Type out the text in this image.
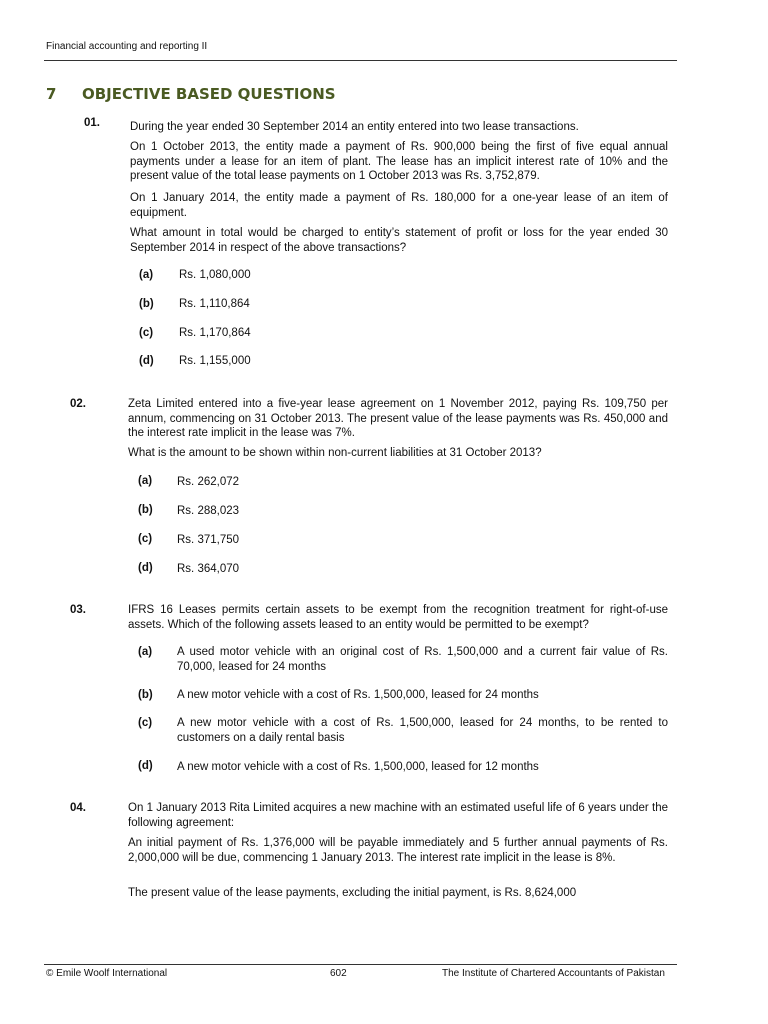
Financial accounting and reporting II
7 OBJECTIVE BASED QUESTIONS
01.	During the year ended 30 September 2014 an entity entered into two lease transactions.
On 1 October 2013, the entity made a payment of Rs. 900,000 being the first of five equal annual payments under a lease for an item of plant. The lease has an implicit interest rate of 10% and the present value of the total lease payments on 1 October 2013 was Rs. 3,752,879.
On 1 January 2014, the entity made a payment of Rs. 180,000 for a one-year lease of an item of equipment.
What amount in total would be charged to entity’s statement of profit or loss for the year ended 30 September 2014 in respect of the above transactions?
(a) Rs. 1,080,000
(b) Rs. 1,110,864
(c) Rs. 1,170,864
(d) Rs. 1,155,000
02.	Zeta Limited entered into a five-year lease agreement on 1 November 2012, paying Rs. 109,750 per annum, commencing on 31 October 2013. The present value of the lease payments was Rs. 450,000 and the interest rate implicit in the lease was 7%.
What is the amount to be shown within non-current liabilities at 31 October 2013?
(a) Rs. 262,072
(b) Rs. 288,023
(c) Rs. 371,750
(d) Rs. 364,070
03.	IFRS 16 Leases permits certain assets to be exempt from the recognition treatment for right-of-use assets. Which of the following assets leased to an entity would be permitted to be exempt?
(a) A used motor vehicle with an original cost of Rs. 1,500,000 and a current fair value of Rs. 70,000, leased for 24 months
(b) A new motor vehicle with a cost of Rs. 1,500,000, leased for 24 months
(c) A new motor vehicle with a cost of Rs. 1,500,000, leased for 24 months, to be rented to customers on a daily rental basis
(d) A new motor vehicle with a cost of Rs. 1,500,000, leased for 12 months
04.	On 1 January 2013 Rita Limited acquires a new machine with an estimated useful life of 6 years under the following agreement:
An initial payment of Rs. 1,376,000 will be payable immediately and 5 further annual payments of Rs. 2,000,000 will be due, commencing 1 January 2013. The interest rate implicit in the lease is 8%.
The present value of the lease payments, excluding the initial payment, is Rs. 8,624,000
© Emile Woolf International	602	The Institute of Chartered Accountants of Pakistan
